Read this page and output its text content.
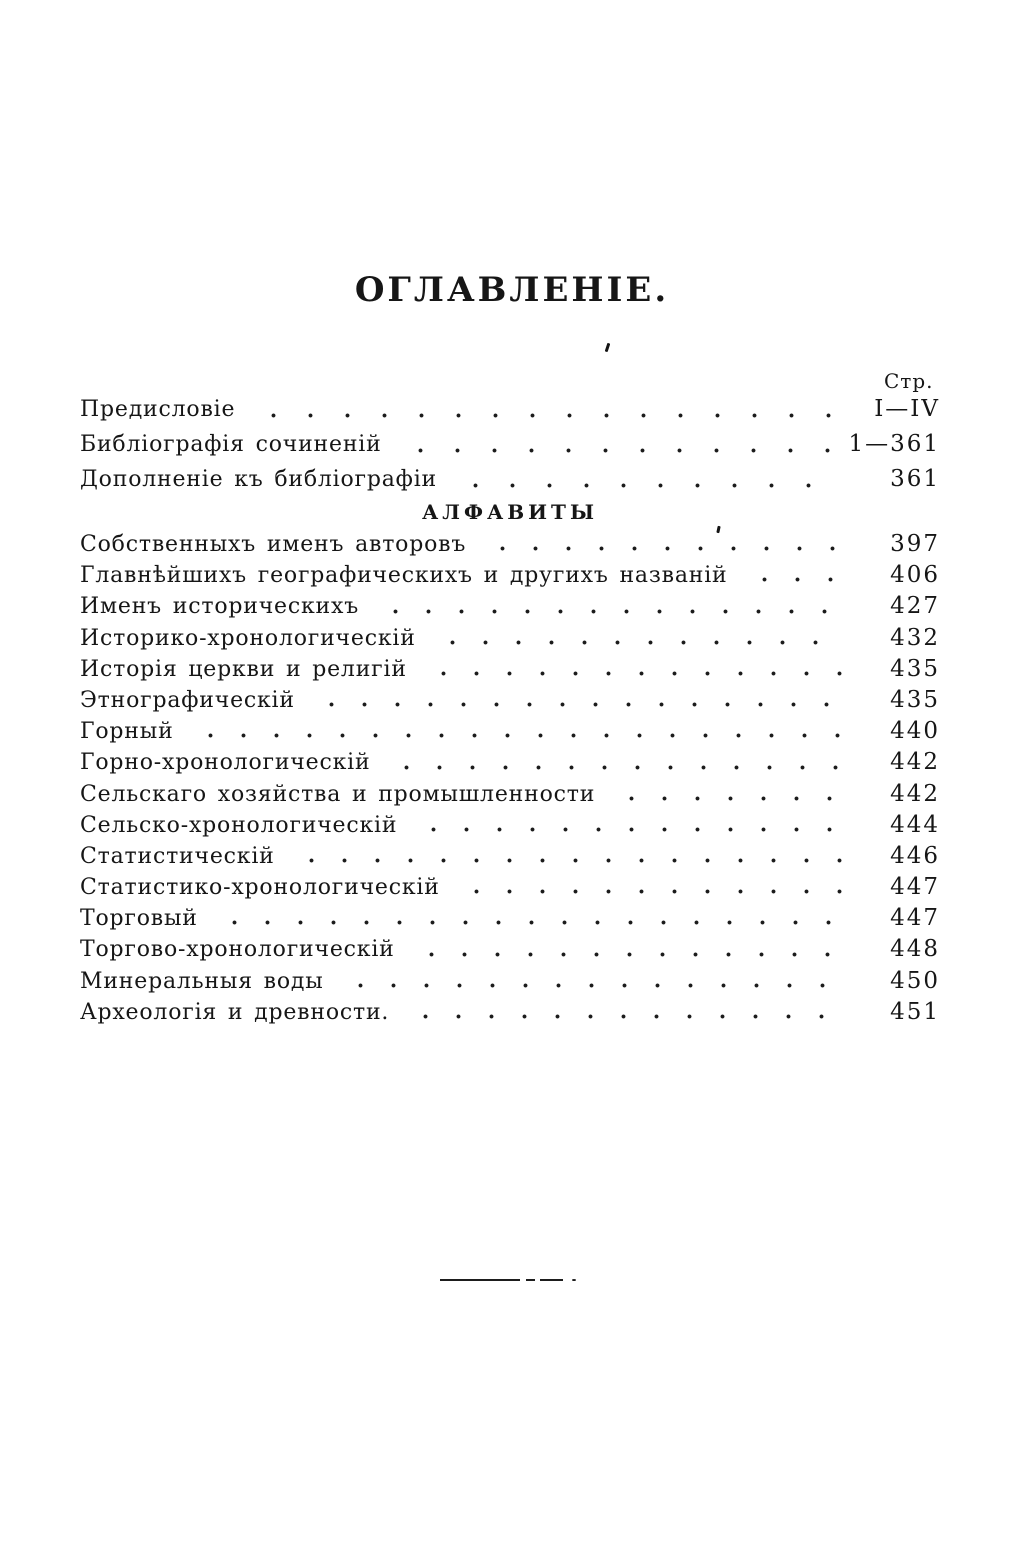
ОГЛАВЛЕНІЕ.
Стр.
Предисловіе	I—IV
Библіографія сочиненій	1—361
Дополненіе къ библіографіи	361
АЛФАВИТЫ
Собственныхъ именъ авторовъ	397
Главнѣйшихъ географическихъ и другихъ названій	406
Именъ историческихъ	427
Историко-хронологическій	432
Исторія церкви и религій	435
Этнографическій	435
Горный	440
Горно-хронологическій	442
Сельскаго хозяйства и промышленности	442
Сельско-хронологическій	444
Статистическій	446
Статистико-хронологическій	447
Торговый	447
Торгово-хронологическій	448
Минеральныя воды	450
Археологія и древности.	451
